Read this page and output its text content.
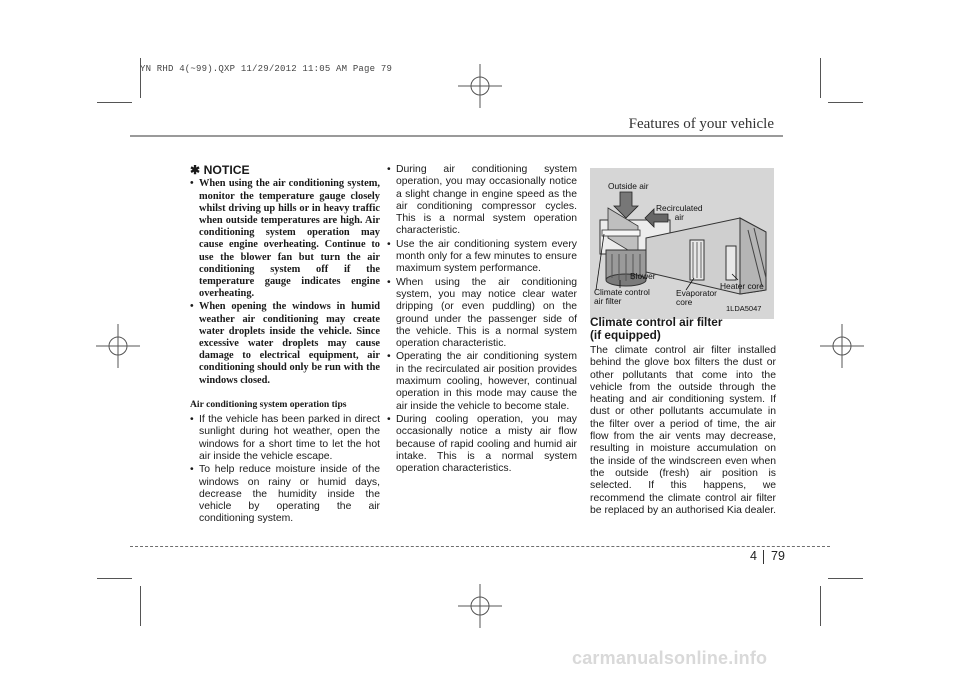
YN RHD 4(~99).QXP 11/29/2012 11:05 AM Page 79
Features of your vehicle
✱ NOTICE
• When using the air conditioning system, monitor the temperature gauge closely whilst driving up hills or in heavy traffic when outside temperatures are high. Air conditioning system operation may cause engine overheating. Continue to use the blower fan but turn the air conditioning system off if the temperature gauge indicates engine overheating.
• When opening the windows in humid weather air conditioning may create water droplets inside the vehicle. Since excessive water droplets may cause damage to electrical equipment, air conditioning should only be run with the windows closed.
Air conditioning system operation tips
• If the vehicle has been parked in direct sunlight during hot weather, open the windows for a short time to let the hot air inside the vehicle escape.
• To help reduce moisture inside of the windows on rainy or humid days, decrease the humidity inside the vehicle by operating the air conditioning system.
• During air conditioning system operation, you may occasionally notice a slight change in engine speed as the air conditioning compressor cycles. This is a normal system operation characteristic.
• Use the air conditioning system every month only for a few minutes to ensure maximum system performance.
• When using the air conditioning system, you may notice clear water dripping (or even puddling) on the ground under the passenger side of the vehicle. This is a normal system operation characteristic.
• Operating the air conditioning system in the recirculated air position provides maximum cooling, however, continual operation in this mode may cause the air inside the vehicle to become stale.
• During cooling operation, you may occasionally notice a misty air flow because of rapid cooling and humid air intake. This is a normal system operation characteristics.
Outside air
Recirculated
air
Blower
Climate control
air filter
Evaporator
core
Heater core
1LDA5047
Climate control air filter
(if equipped)
The climate control air filter installed behind the glove box filters the dust or other pollutants that come into the vehicle from the outside through the heating and air conditioning system. If dust or other pollutants accumulate in the filter over a period of time, the air flow from the air vents may decrease, resulting in moisture accumulation on the inside of the windscreen even when the outside (fresh) air position is selected. If this happens, we recommend the climate control air filter be replaced by an authorised Kia dealer.
4 79
carmanualsonline.info
